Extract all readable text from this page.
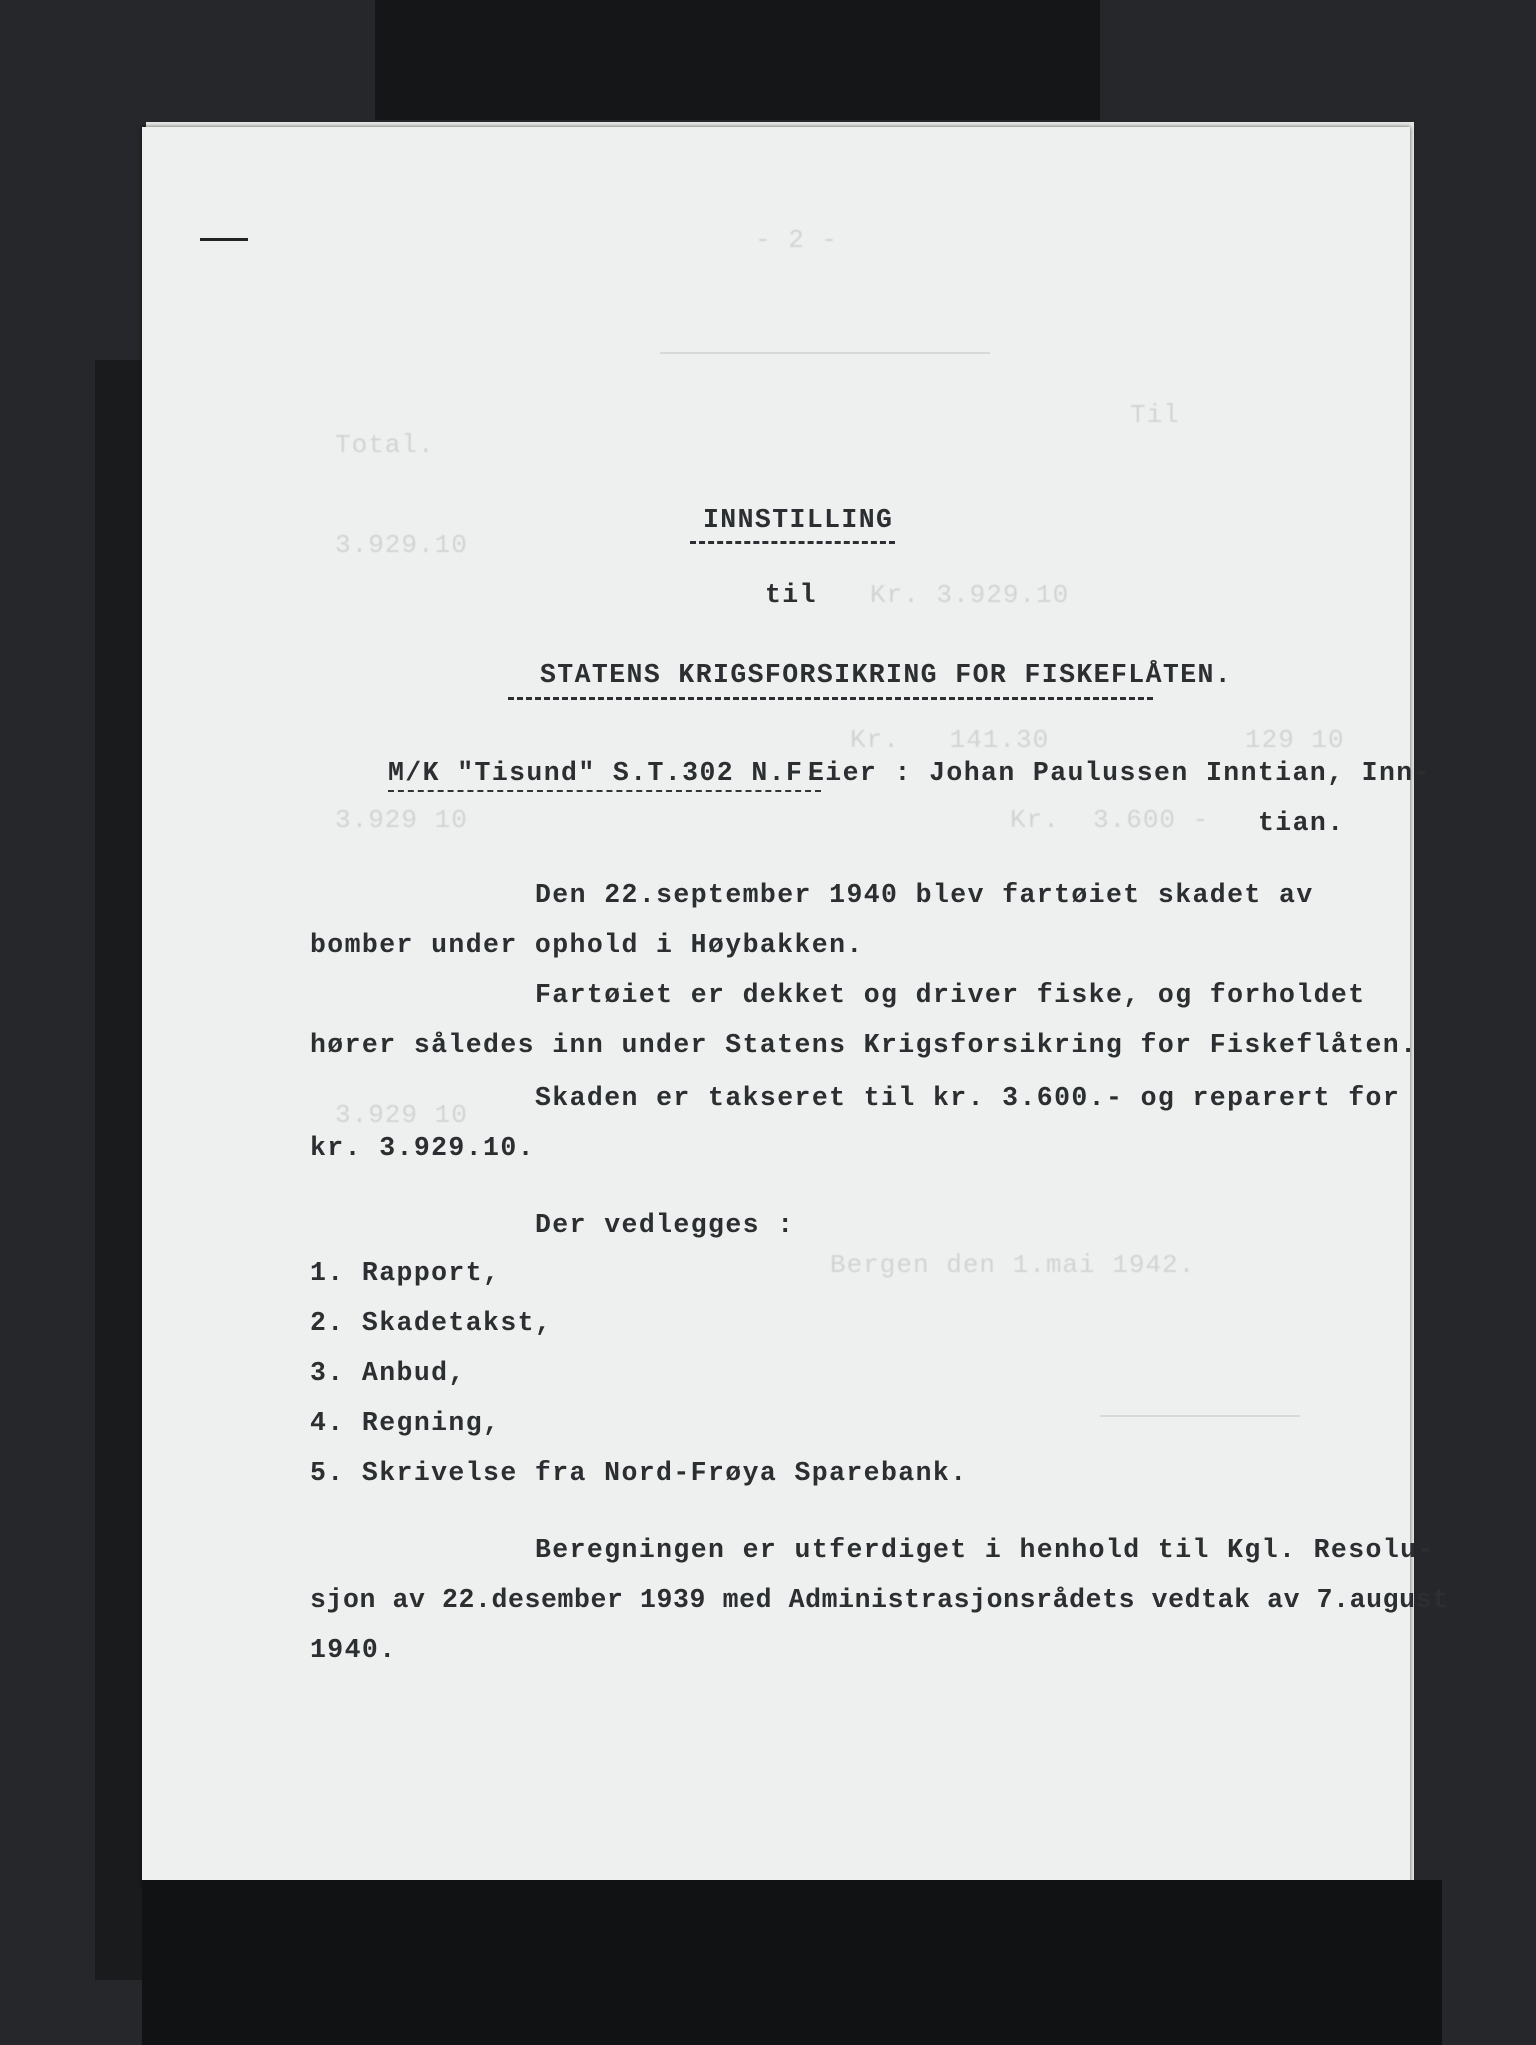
- 2 -
Til
Total.
3.929.10
Kr. 3.929.10
Kr.   141.30	129 10
3.929 10	Kr.  3.600 -
3.929 10
Bergen den 1.mai 1942.
INNSTILLING
til
STATENS KRIGSFORSIKRING FOR FISKEFLÅTEN.
M/K "Tisund" S.T.302 N.F.
Eier : Johan Paulussen Inntian, Inn-
tian.
Den 22.september 1940 blev fartøiet skadet av
bomber under ophold i Høybakken.
Fartøiet er dekket og driver fiske, og forholdet
hører således inn under Statens Krigsforsikring for Fiskeflåten.
Skaden er takseret til kr. 3.600.- og reparert for
kr. 3.929.10.
Der vedlegges :
1. Rapport,
2. Skadetakst,
3. Anbud,
4. Regning,
5. Skrivelse fra Nord-Frøya Sparebank.
Beregningen er utferdiget i henhold til Kgl. Resolu-
sjon av 22.desember 1939 med Administrasjonsrådets vedtak av 7.august
1940.
